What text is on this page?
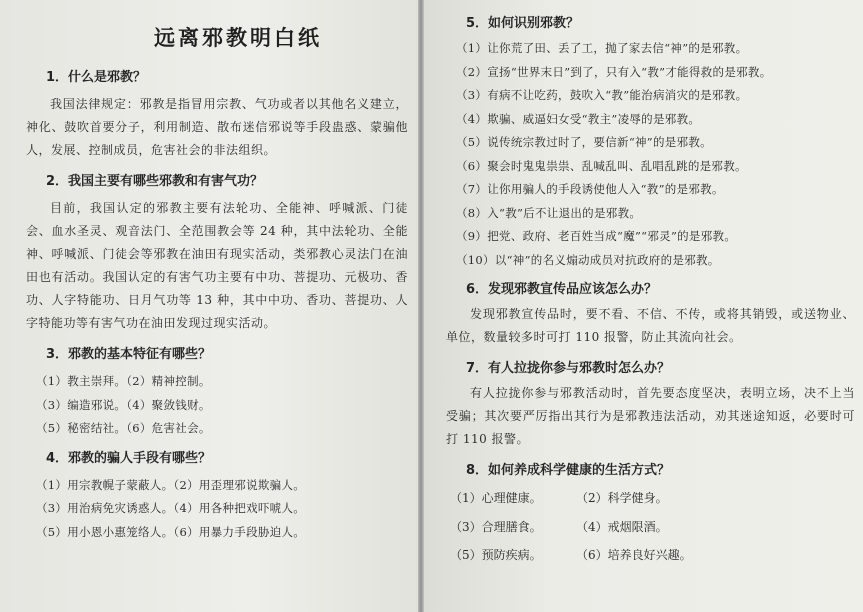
远离邪教明白纸
1．什么是邪教？

我国法律规定：邪教是指冒用宗教、气功或者以其他名义建立，神化、鼓吹首要分子，利用制造、散布迷信邪说等手段蛊惑、蒙骗他人，发展、控制成员，危害社会的非法组织。

2．我国主要有哪些邪教和有害气功？

目前，我国认定的邪教主要有法轮功、全能神、呼喊派、门徒会、血水圣灵、观音法门、全范围教会等 24 种，其中法轮功、全能神、呼喊派、门徒会等邪教在油田有现实活动，类邪教心灵法门在油田也有活动。我国认定的有害气功主要有中功、菩提功、元极功、香功、人字特能功、日月气功等 13 种，其中中功、香功、菩提功、人字特能功等有害气功在油田发现过现实活动。

3．邪教的基本特征有哪些？
（1）教主崇拜。（2）精神控制。
（3）编造邪说。（4）聚敛钱财。
（5）秘密结社。（6）危害社会。
4．邪教的骗人手段有哪些？
（1）用宗教幌子蒙蔽人。（2）用歪理邪说欺骗人。
（3）用治病免灾诱惑人。（4）用各种把戏吓唬人。
（5）用小恩小惠笼络人。（6）用暴力手段胁迫人。
5．如何识别邪教？
（1）让你荒了田、丢了工，抛了家去信“神”的是邪教。
（2）宣扬“世界末日”到了，只有入“教”才能得救的是邪教。
（3）有病不让吃药，鼓吹入“教”能治病消灾的是邪教。
（4）欺骗、威逼妇女受“教主”凌辱的是邪教。
（5）说传统宗教过时了，要信新“神”的是邪教。
（6）聚会时鬼鬼祟祟、乱喊乱叫、乱唱乱跳的是邪教。
（7）让你用骗人的手段诱使他人入“教”的是邪教。
（8）入“教”后不让退出的是邪教。
（9）把党、政府、老百姓当成“魔”“邪灵”的是邪教。
（10）以“神”的名义煽动成员对抗政府的是邪教。
6．发现邪教宣传品应该怎么办？

发现邪教宣传品时，要不看、不信、不传，或将其销毁，或送物业、单位，数量较多时可打 110 报警，防止其流向社会。

7．有人拉拢你参与邪教时怎么办？

有人拉拢你参与邪教活动时，首先要态度坚决，表明立场，决不上当受骗；其次要严厉指出其行为是邪教违法活动，劝其迷途知返，必要时可打 110 报警。

8．如何养成科学健康的生活方式？
（1）心理健康。	（2）科学健身。
（3）合理膳食。	（4）戒烟限酒。
（5）预防疾病。	（6）培养良好兴趣。
